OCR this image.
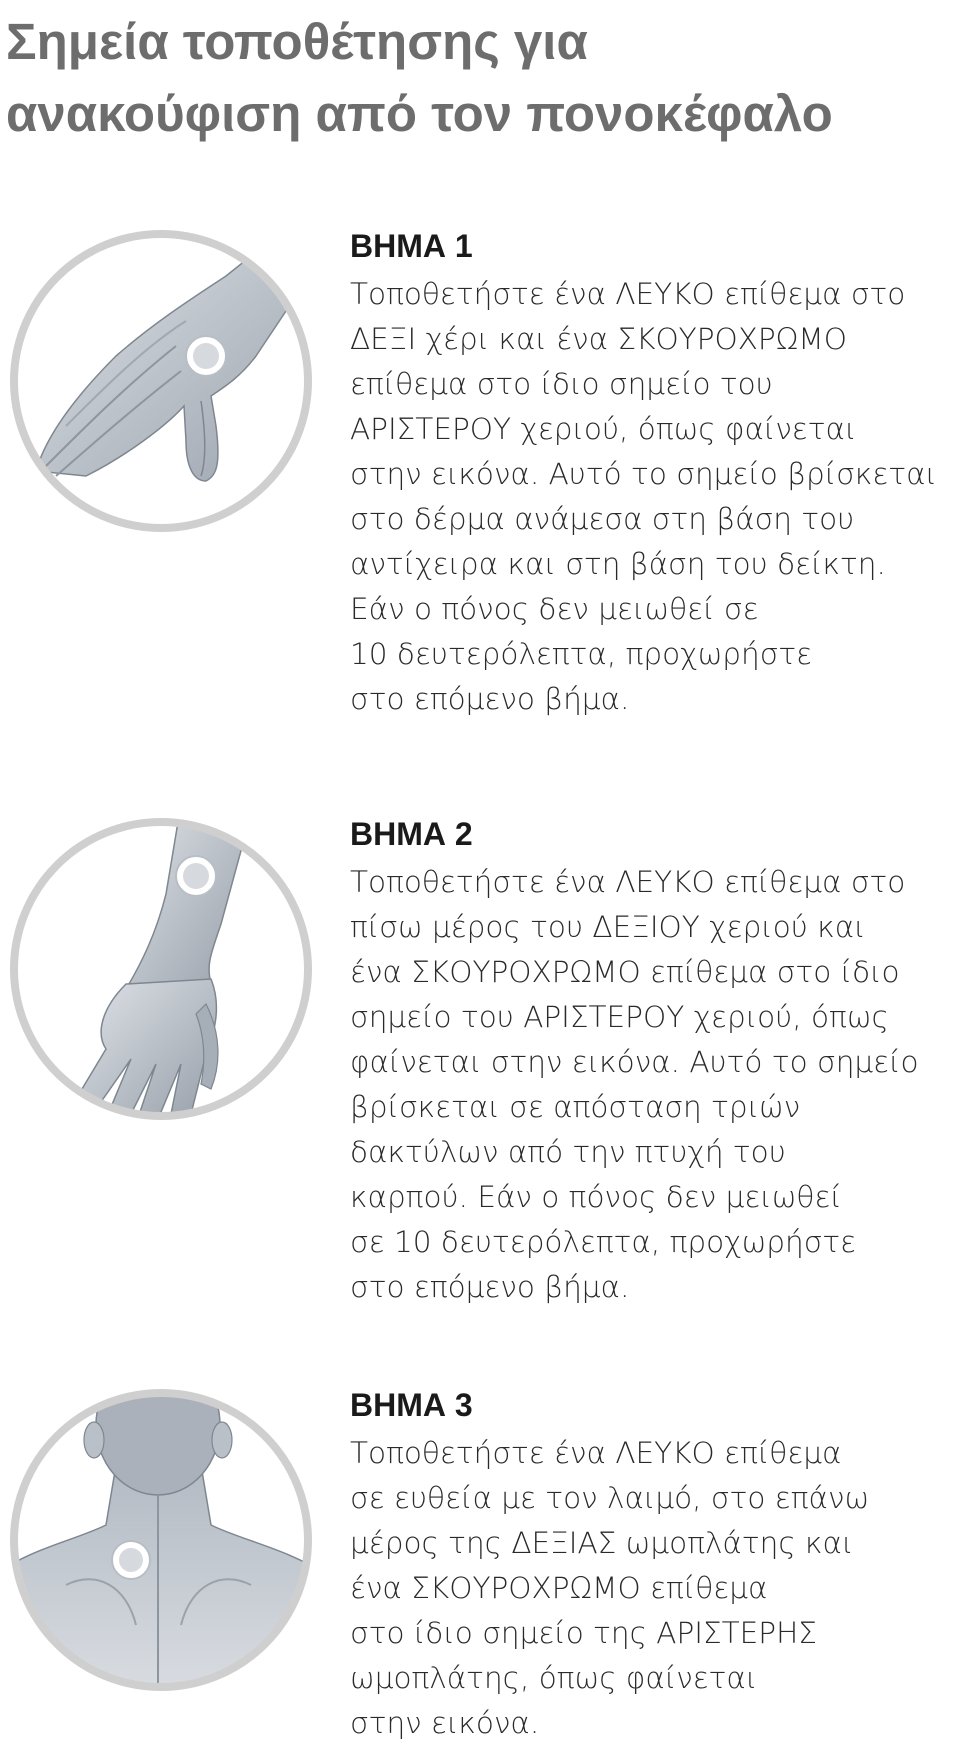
Σημεία τοποθέτησης για
ανακούφιση από τον πονοκέφαλο
ΒΗΜΑ 1

Τοποθετήστε ένα ΛΕΥΚΟ επίθεμα στο
ΔΕΞΙ χέρι και ένα ΣΚΟΥΡΟΧΡΩΜΟ
επίθεμα στο ίδιο σημείο του
ΑΡΙΣΤΕΡΟΥ χεριού, όπως φαίνεται
στην εικόνα. Αυτό το σημείο βρίσκεται
στο δέρμα ανάμεσα στη βάση του
αντίχειρα και στη βάση του δείκτη.
Εάν ο πόνος δεν μειωθεί σε
10 δευτερόλεπτα, προχωρήστε
στο επόμενο βήμα.

ΒΗΜΑ 2

Τοποθετήστε ένα ΛΕΥΚΟ επίθεμα στο
πίσω μέρος του ΔΕΞΙΟΥ χεριού και
ένα ΣΚΟΥΡΟΧΡΩΜΟ επίθεμα στο ίδιο
σημείο του ΑΡΙΣΤΕΡΟΥ χεριού, όπως
φαίνεται στην εικόνα. Αυτό το σημείο
βρίσκεται σε απόσταση τριών
δακτύλων από την πτυχή του
καρπού. Εάν ο πόνος δεν μειωθεί
σε 10 δευτερόλεπτα, προχωρήστε
στο επόμενο βήμα.

ΒΗΜΑ 3

Τοποθετήστε ένα ΛΕΥΚΟ επίθεμα
σε ευθεία με τον λαιμό, στο επάνω
μέρος της ΔΕΞΙΑΣ ωμοπλάτης και
ένα ΣΚΟΥΡΟΧΡΩΜΟ επίθεμα
στο ίδιο σημείο της ΑΡΙΣΤΕΡΗΣ
ωμοπλάτης, όπως φαίνεται
στην εικόνα.
